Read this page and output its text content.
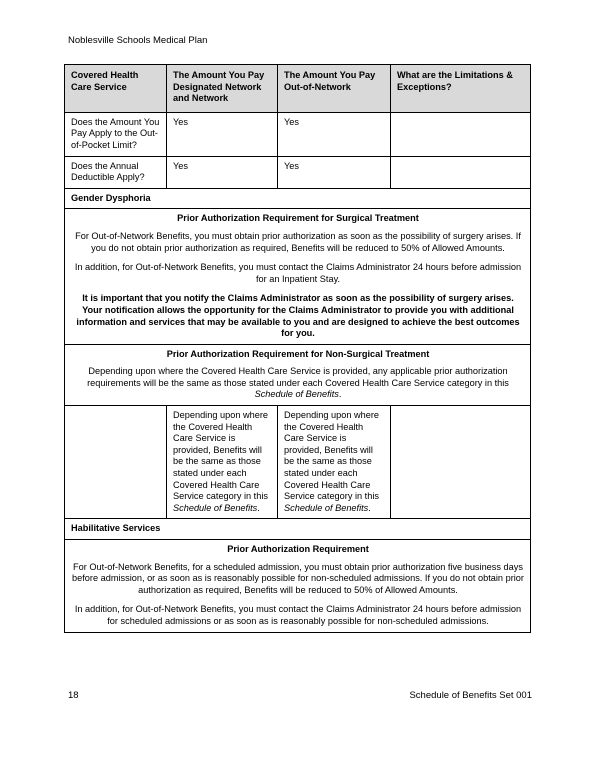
Noblesville Schools Medical Plan
Covered Health Care Service	The Amount You Pay Designated Network and Network	The Amount You Pay Out-of-Network	What are the Limitations & Exceptions?
Does the Amount You Pay Apply to the Out-of-Pocket Limit?	Yes	Yes	
Does the Annual Deductible Apply?	Yes	Yes	
Gender Dysphoria			

Prior Authorization Requirement for Surgical Treatment

For Out-of-Network Benefits, you must obtain prior authorization as soon as the possibility of surgery arises. If you do not obtain prior authorization as required, Benefits will be reduced to 50% of Allowed Amounts.

In addition, for Out-of-Network Benefits, you must contact the Claims Administrator 24 hours before admission for an Inpatient Stay.

It is important that you notify the Claims Administrator as soon as the possibility of surgery arises. Your notification allows the opportunity for the Claims Administrator to provide you with additional information and services that may be available to you and are designed to achieve the best outcomes for you.			

Prior Authorization Requirement for Non-Surgical Treatment

Depending upon where the Covered Health Care Service is provided, any applicable prior authorization requirements will be the same as those stated under each Covered Health Care Service category in this Schedule of Benefits.			

	Depending upon where the Covered Health Care Service is provided, Benefits will be the same as those stated under each Covered Health Care Service category in this Schedule of Benefits.	Depending upon where the Covered Health Care Service is provided, Benefits will be the same as those stated under each Covered Health Care Service category in this Schedule of Benefits.	

Habilitative Services			

Prior Authorization Requirement

For Out-of-Network Benefits, for a scheduled admission, you must obtain prior authorization five business days before admission, or as soon as is reasonably possible for non-scheduled admissions. If you do not obtain prior authorization as required, Benefits will be reduced to 50% of Allowed Amounts.

In addition, for Out-of-Network Benefits, you must contact the Claims Administrator 24 hours before admission for scheduled admissions or as soon as is reasonably possible for non-scheduled admissions.			

18	Schedule of Benefits Set 001
